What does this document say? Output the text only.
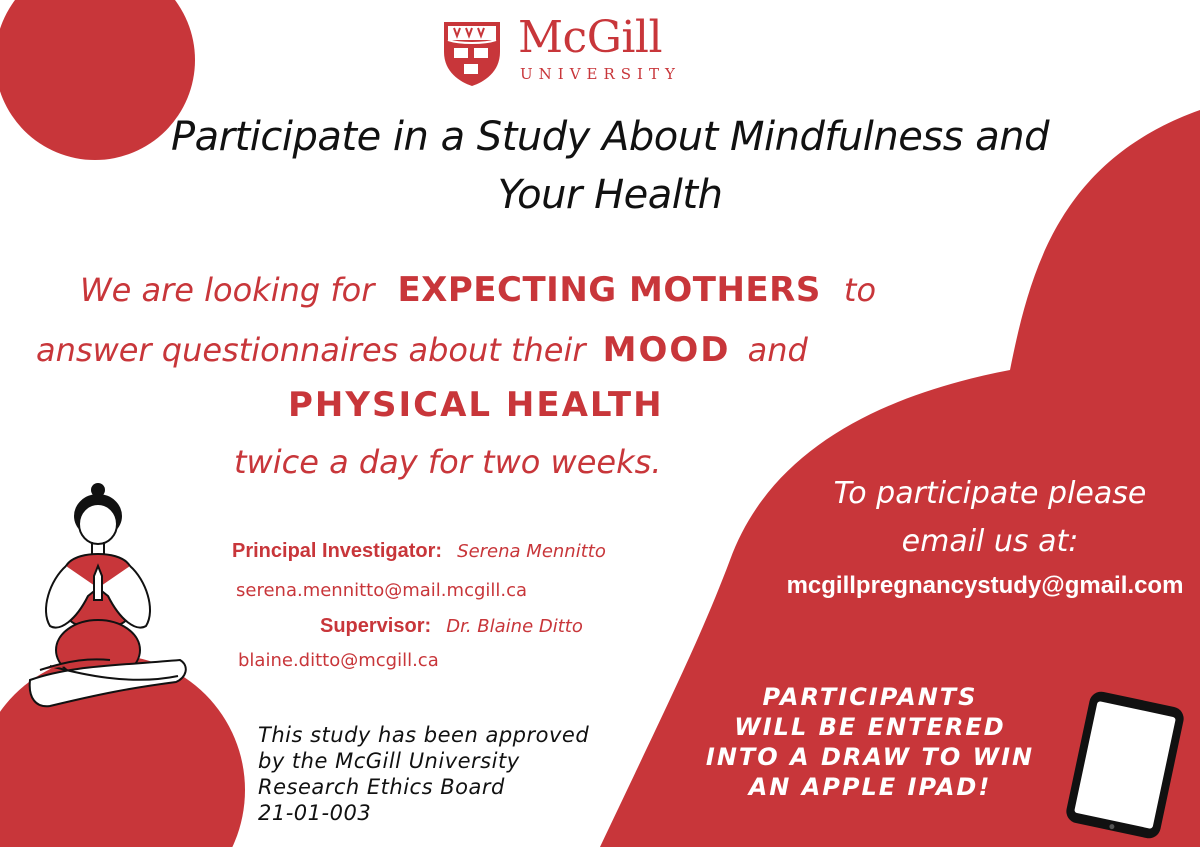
McGill
UNIVERSITY
Participate in a Study About Mindfulness and
Your Health
We are looking for EXPECTING MOTHERS to
answer questionnaires about their MOOD and
PHYSICAL HEALTH
twice a day for two weeks.
Principal Investigator: Serena Mennitto
serena.mennitto@mail.mcgill.ca
Supervisor: Dr. Blaine Ditto
blaine.ditto@mcgill.ca
This study has been approved
by the McGill University
Research Ethics Board
21-01-003
To participate please
email us at:
mcgillpregnancystudy@gmail.com
PARTICIPANTS
WILL BE ENTERED
INTO A DRAW TO WIN
AN APPLE IPAD!
